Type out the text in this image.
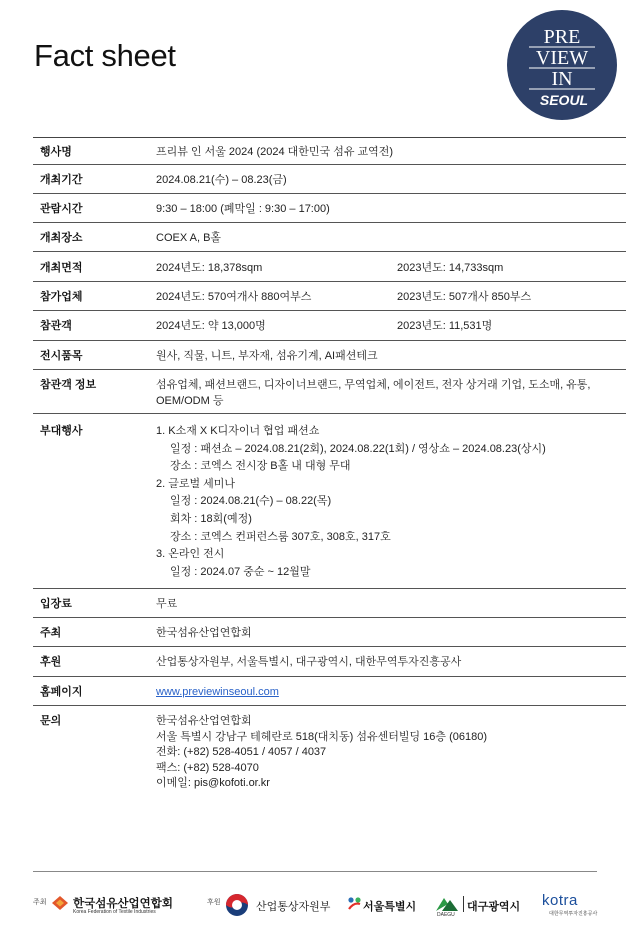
Fact sheet
PRE
VIEW
IN
SEOUL
행사명	프리뷰 인 서울 2024 (2024 대한민국 섬유 교역전)
개최기간	2024.08.21(수) – 08.23(금)
관람시간	9:30 – 18:00 (폐막일 : 9:30 – 17:00)
개최장소	COEX A, B홀
개최면적	2024년도: 18,378sqm	2023년도: 14,733sqm
참가업체	2024년도: 570여개사 880여부스	2023년도: 507개사 850부스
참관객	2024년도: 약 13,000명	2023년도: 11,531명
전시품목	원사, 직물, 니트, 부자재, 섬유기계, AI패션테크
참관객 정보	섬유업체, 패션브랜드, 디자이너브랜드, 무역업체, 에이전트, 전자 상거래 기업, 도소매, 유통,
OEM/ODM 등
부대행사	1. K소재 X K디자이너 협업 패션쇼
일정 : 패션쇼 – 2024.08.21(2회), 2024.08.22(1회) / 영상쇼 – 2024.08.23(상시)
장소 : 코엑스 전시장 B홀 내 대형 무대
2. 글로벌 세미나
일정 : 2024.08.21(수) – 08.22(목)
회차 : 18회(예정)
장소 : 코엑스 컨퍼런스룸 307호, 308호, 317호
3. 온라인 전시
일정 : 2024.07 중순 ~ 12월말
입장료	무료
주최	한국섬유산업연합회
후원	산업통상자원부, 서울특별시, 대구광역시, 대한무역투자진흥공사
홈페이지	www.previewinseoul.com
문의	한국섬유산업연합회
서울 특별시 강남구 테헤란로 518(대치동) 섬유센터빌딩 16층 (06180)
전화: (+82) 528-4051 / 4057 / 4037
팩스: (+82) 528-4070
이메일: pis@kofoti.or.kr
주최 한국섬유산업연합회
Korea Federation of Textile Industries
후원	산업통상자원부	서울특별시
DAEGU
대구광역시 kotra
대한무역투자진흥공사
